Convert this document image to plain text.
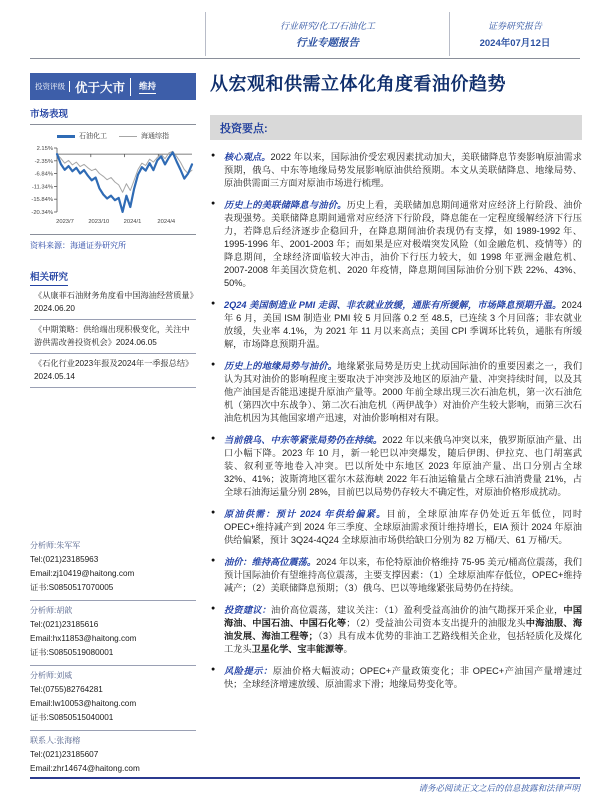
行业研究/化工/石油化工
行业专题报告
证券研究报告
2024年07月12日
投资评级 优于大市	维持	从宏观和供需立体化角度看油价趋势
市场表现
石油化工	海通综指
2.15%
-2.35%
-6.84%
-11.34%
-15.84%
-20.34%
2023/7 2023/10 2024/1	2024/4
资料来源：海通证券研究所
相关研究
《从康菲石油财务角度看中国海油经营质量》2024.06.20
《中期策略：供给端出现积极变化，关注中游供需改善投资机会》2024.06.05
《石化行业2023年报及2024年一季报总结》2024.05.14
分析师:朱军军
Tel:(021)23185963
Email:zj10419@haitong.com
证书:S0850517070005
分析师:胡歆
Tel:(021)23185616
Email:hx11853@haitong.com
证书:S0850519080001
分析师:刘威
Tel:(0755)82764281
Email:lw10053@haitong.com
证书:S0850515040001
联系人:张海榕
Tel:(021)23185607
Email:zhr14674@haitong.com
投资要点:
● 核心观点。2022 年以来，国际油价受宏观因素扰动加大，美联储降息节奏影响原油需求预期，俄乌、中东等地缘局势发展影响原油供给预期。本文从美联储降息、地缘局势、原油供需面三方面对原油市场进行梳理。
● 历史上的美联储降息与油价。历史上看，美联储加息期间通常对应经济上行阶段、油价表现强势。美联储降息期间通常对应经济下行阶段，降息能在一定程度缓解经济下行压力，若降息后经济逐步企稳回升，在降息期间油价表现仍有支撑，如 1989-1992 年、1995-1996 年、2001-2003 年；而如果是应对极端突发风险（如金融危机、疫情等）的降息期间，全球经济面临较大冲击，油价下行压力较大，如 1998 年亚洲金融危机、2007-2008 年美国次贷危机、2020 年疫情，降息期间国际油价分别下跌 22%、43%、50%。
● 2Q24 美国制造业 PMI 走弱、非农就业放缓，通胀有所缓解，市场降息预期升温。2024 年 6 月，美国 ISM 制造业 PMI 较 5 月回落 0.2 至 48.5，已连续 3 个月回落；非农就业放缓，失业率 4.1%，为 2021 年 11 月以来高点；美国 CPI 季调环比转负，通胀有所缓解，市场降息预期升温。
● 历史上的地缘局势与油价。地缘紧张局势是历史上扰动国际油价的重要因素之一，我们认为其对油价的影响程度主要取决于冲突涉及地区的原油产量、冲突持续时间，以及其他产油国是否能迅速提升原油产量等。2000 年前全球出现三次石油危机，第一次石油危机（第四次中东战争）、第二次石油危机（两伊战争）对油价产生较大影响，而第三次石油危机因为其他国家增产迅速，对油价影响相对有限。
● 当前俄乌、中东等紧张局势仍在持续。2022 年以来俄乌冲突以来，俄罗斯原油产量、出口小幅下降。2023 年 10 月，新一轮巴以冲突爆发，随后伊朗、伊拉克、也门胡塞武装、叙利亚等地卷入冲突。巴以所处中东地区 2023 年原油产量、出口分别占全球 32%、41%；波斯湾地区霍尔木兹海峡 2022 年石油运输量占全球石油消费量 21%，占全球石油海运量分别 28%，目前巴以局势仍存较大不确定性，对原油价格形成扰动。
● 原油供需：预计 2024 年供给偏紧。目前，全球原油库存仍处近五年低位，同时 OPEC+维持减产到 2024 年三季度、全球原油需求预计维持增长，EIA 预计 2024 年原油供给偏紧，预计 3Q24-4Q24 全球原油市场供给缺口分别为 82 万桶/天、61 万桶/天。
● 油价：维持高位震荡。2024 年以来，布伦特原油价格维持 75-95 美元/桶高位震荡，我们预计国际油价有望维持高位震荡，主要支撑因素：（1）全球原油库存低位，OPEC+维持减产；（2）美联储降息预期；（3）俄乌、巴以等地缘紧张局势仍在持续。
● 投资建议：油价高位震荡，建议关注：（1）盈利受益高油价的油气勘探开采企业，中国海油、中国石油、中国石化等；（2）受益油公司资本支出提升的油服龙头中海油服、海油发展、海油工程等；（3）具有成本优势的非油工艺路线相关企业，包括轻质化及煤化工龙头卫星化学、宝丰能源等。
● 风险提示：原油价格大幅波动；OPEC+产量政策变化；非 OPEC+产油国产量增速过快；全球经济增速放缓、原油需求下滑；地缘局势变化等。
请务必阅读正文之后的信息披露和法律声明
